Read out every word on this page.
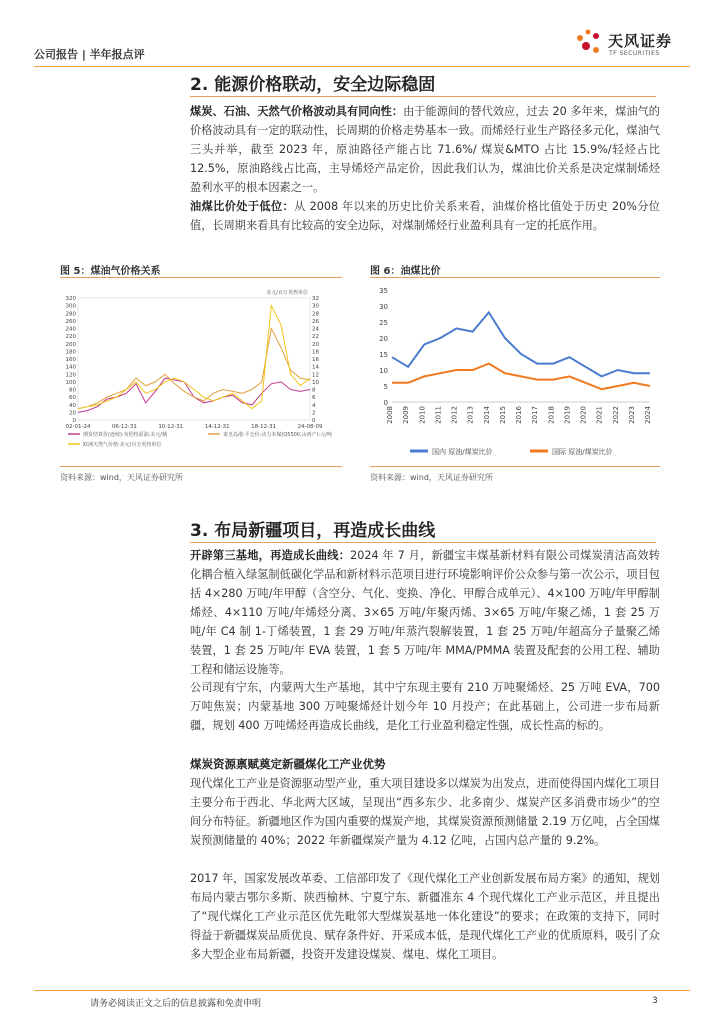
公司报告 | 半年报点评
天风证券
TF SECURITIES
2. 能源价格联动，安全边际稳固
煤炭、石油、天然气价格波动具有同向性：由于能源间的替代效应，过去 20 多年来，煤油气的价格波动具有一定的联动性，长周期的价格走势基本一致。而烯烃行业生产路径多元化，煤油气三头并举，截至 2023 年，原油路径产能占比 71.6%/ 煤炭&MTO 占比 15.9%/轻烃占比 12.5%，原油路线占比高，主导烯烃产品定价，因此我们认为，煤油比价关系是决定煤制烯烃盈利水平的根本因素之一。
油煤比价处于低位：从 2008 年以来的历史比价关系来看，油煤价格比值处于历史 20%分位值，长周期来看具有比较高的安全边际，对煤制烯烃行业盈利具有一定的托底作用。
图 5：煤油气价格关系
美元/百万英热单位
0
20
40
60
80
100
120
140
160
180
200
220
240
260
280
300
320
0
2
4
6
8
10
12
14
16
18
20
22
24
26
28
30
32
02-01-24	06-12-31	10-12-31	14-12-31	18-12-31	24-08-09
期货结算价(连续):布伦特原油:美元/桶	秦皇岛港:平仓价:动力末煤(Q5500,山西产):元/吨
欧洲天然气价格:美元/百万英热单位
资料来源：wind，天风证券研究所
图 6：油煤比价
0
5
10
15
20
25
30
35
2008 2009 2010 2011 2012 2013 2014 2015 2016 2017 2018 2019 2020 2021 2022 2023 2024
国内 原油/煤炭比价	国际 原油/煤炭比价
资料来源：wind，天风证券研究所
3. 布局新疆项目，再造成长曲线
开辟第三基地，再造成长曲线：2024 年 7 月，新疆宝丰煤基新材料有限公司煤炭清洁高效转化耦合植入绿氢制低碳化学品和新材料示范项目进行环境影响评价公众参与第一次公示，项目包括 4×280 万吨/年甲醇（含空分、气化、变换、净化、甲醇合成单元）、4×100 万吨/年甲醇制烯烃、4×110 万吨/年烯烃分离、3×65 万吨/年聚丙烯、3×65 万吨/年聚乙烯，1 套 25 万吨/年 C4 制 1-丁烯装置，1 套 29 万吨/年蒸汽裂解装置，1 套 25 万吨/年超高分子量聚乙烯装置，1 套 25 万吨/年 EVA 装置，1 套 5 万吨/年 MMA/PMMA 装置及配套的公用工程、辅助工程和储运设施等。
公司现有宁东，内蒙两大生产基地，其中宁东现主要有 210 万吨聚烯烃、25 万吨 EVA，700 万吨焦炭；内蒙基地 300 万吨聚烯烃计划今年 10 月投产；在此基础上，公司进一步布局新疆，规划 400 万吨烯烃再造成长曲线，是化工行业盈利稳定性强，成长性高的标的。
煤炭资源禀赋奠定新疆煤化工产业优势
现代煤化工产业是资源驱动型产业，重大项目建设多以煤炭为出发点，进而使得国内煤化工项目主要分布于西北、华北两大区域，呈现出“西多东少、北多南少、煤炭产区多消费市场少”的空间分布特征。新疆地区作为国内重要的煤炭产地，其煤炭资源预测储量 2.19 万亿吨，占全国煤炭预测储量的 40%；2022 年新疆煤炭产量为 4.12 亿吨，占国内总产量的 9.2%。
2017 年，国家发展改革委、工信部印发了《现代煤化工产业创新发展布局方案》的通知，规划布局内蒙古鄂尔多斯、陕西榆林、宁夏宁东、新疆准东 4 个现代煤化工产业示范区，并且提出了“现代煤化工产业示范区优先毗邻大型煤炭基地一体化建设”的要求；在政策的支持下，同时得益于新疆煤炭品质优良、赋存条件好、开采成本低，是现代煤化工产业的优质原料，吸引了众多大型企业布局新疆，投资开发建设煤炭、煤电、煤化工项目。
请务必阅读正文之后的信息披露和免责申明	3
